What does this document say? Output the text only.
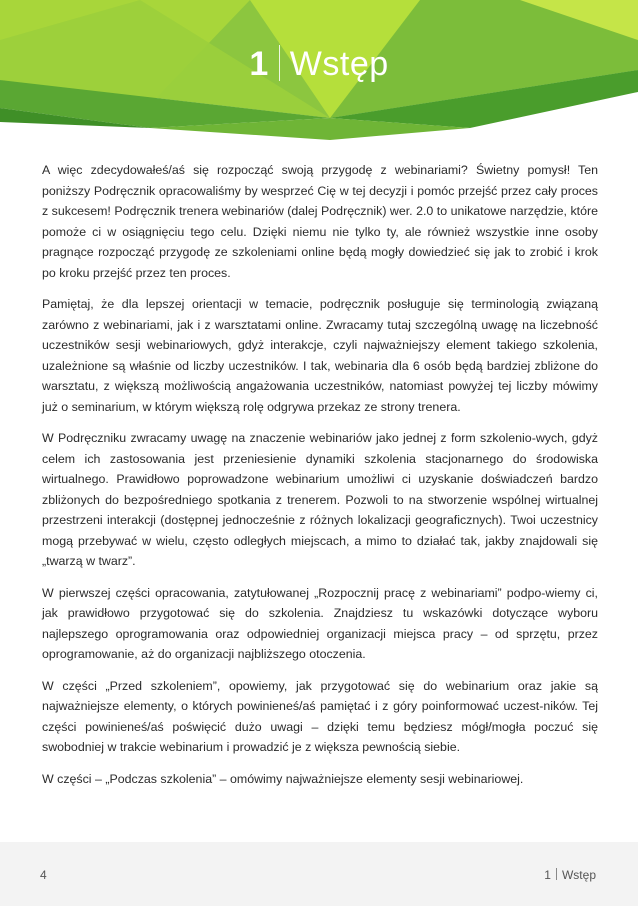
1 Wstęp

A więc zdecydowałeś/aś się rozpocząć swoją przygodę z webinariami? Świetny pomysł! Ten poniższy Podręcznik opracowaliśmy by wesprzeć Cię w tej decyzji i pomóc przejść przez cały proces z sukcesem! Podręcznik trenera webinariów (dalej Podręcznik) wer. 2.0 to unikatowe narzędzie, które pomoże ci w osiągnięciu tego celu. Dzięki niemu nie tylko ty, ale również wszystkie inne osoby pragnące rozpocząć przygodę ze szkoleniami online będą mogły dowiedzieć się jak to zrobić i krok po kroku przejść przez ten proces.

Pamiętaj, że dla lepszej orientacji w temacie, podręcznik posługuje się terminologią związaną zarówno z webinariami, jak i z warsztatami online. Zwracamy tutaj szczególną uwagę na liczebność uczestników sesji webinariowych, gdyż interakcje, czyli najważniejszy element takiego szkolenia, uzależnione są właśnie od liczby uczestników. I tak, webinaria dla 6 osób będą bardziej zbliżone do warsztatu, z większą możliwością angażowania uczestników, natomiast powyżej tej liczby mówimy już o seminarium, w którym większą rolę odgrywa przekaz ze strony trenera.

W Podręczniku zwracamy uwagę na znaczenie webinariów jako jednej z form szkolenio-wych, gdyż celem ich zastosowania jest przeniesienie dynamiki szkolenia stacjonarnego do środowiska wirtualnego. Prawidłowo poprowadzone webinarium umożliwi ci uzyskanie doświadczeń bardzo zbliżonych do bezpośredniego spotkania z trenerem. Pozwoli to na stworzenie wspólnej wirtualnej przestrzeni interakcji (dostępnej jednocześnie z różnych lokalizacji geograficznych). Twoi uczestnicy mogą przebywać w wielu, często odległych miejscach, a mimo to działać tak, jakby znajdowali się „twarzą w twarz”.

W pierwszej części opracowania, zatytułowanej „Rozpocznij pracę z webinariami” podpo-wiemy ci, jak prawidłowo przygotować się do szkolenia. Znajdziesz tu wskazówki dotyczące wyboru najlepszego oprogramowania oraz odpowiedniej organizacji miejsca pracy – od sprzętu, przez oprogramowanie, aż do organizacji najbliższego otoczenia.

W części „Przed szkoleniem”, opowiemy, jak przygotować się do webinarium oraz jakie są najważniejsze elementy, o których powinieneś/aś pamiętać i z góry poinformować uczest-ników. Tej części powinieneś/aś poświęcić dużo uwagi – dzięki temu będziesz mógł/mogła poczuć się swobodniej w trakcie webinarium i prowadzić je z większa pewnością siebie.

W części – „Podczas szkolenia” – omówimy najważniejsze elementy sesji webinariowej.

4	1 Wstęp
